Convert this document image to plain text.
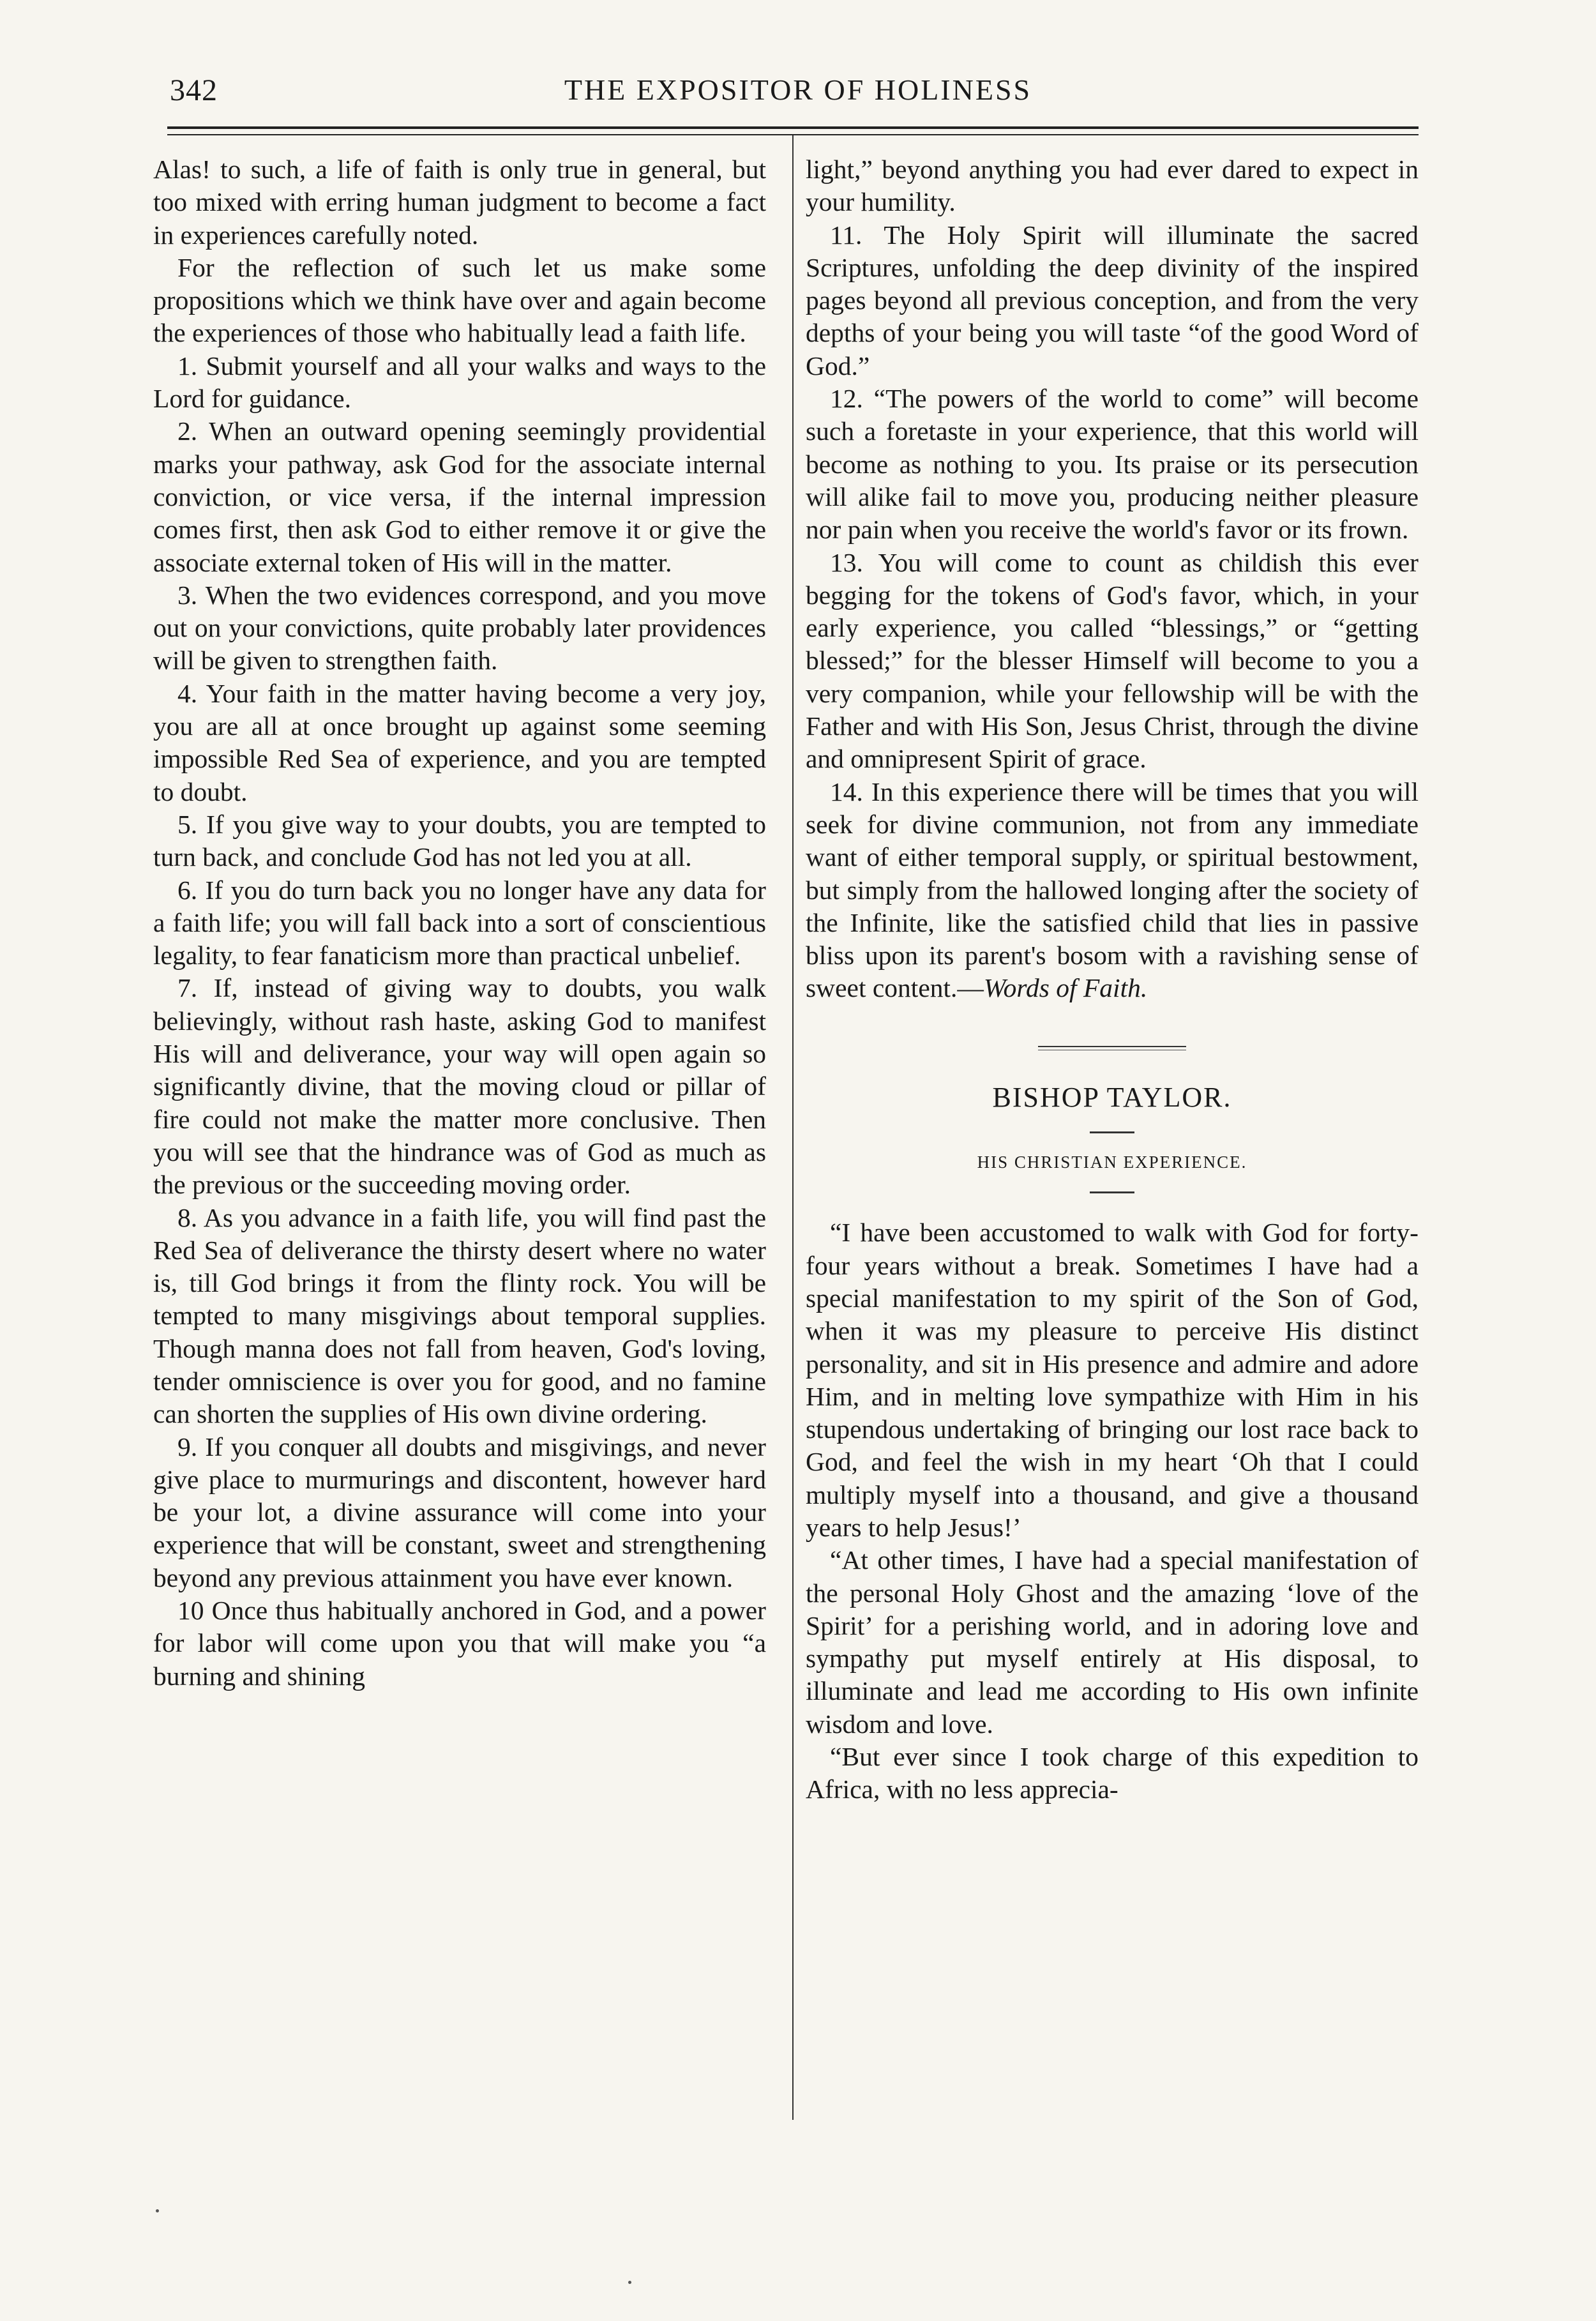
342	THE EXPOSITOR OF HOLINESS

Alas! to such, a life of faith is only true in general, but too mixed with erring human judgment to become a fact in experiences carefully noted.

For the reflection of such let us make some propositions which we think have over and again become the experiences of those who habitually lead a faith life.

1. Submit yourself and all your walks and ways to the Lord for guidance.

2. When an outward opening seemingly providential marks your pathway, ask God for the associate internal conviction, or vice versa, if the internal impression comes first, then ask God to either remove it or give the associate external token of His will in the matter.

3. When the two evidences correspond, and you move out on your convictions, quite probably later providences will be given to strengthen faith.

4. Your faith in the matter having become a very joy, you are all at once brought up against some seeming impossible Red Sea of experience, and you are tempted to doubt.

5. If you give way to your doubts, you are tempted to turn back, and conclude God has not led you at all.

6. If you do turn back you no longer have any data for a faith life; you will fall back into a sort of conscientious legality, to fear fanaticism more than practical unbelief.

7. If, instead of giving way to doubts, you walk believingly, without rash haste, asking God to manifest His will and deliverance, your way will open again so significantly divine, that the moving cloud or pillar of fire could not make the matter more conclusive. Then you will see that the hindrance was of God as much as the previous or the succeeding moving order.

8. As you advance in a faith life, you will find past the Red Sea of deliverance the thirsty desert where no water is, till God brings it from the flinty rock. You will be tempted to many misgivings about temporal supplies. Though manna does not fall from heaven, God's loving, tender omniscience is over you for good, and no famine can shorten the supplies of His own divine ordering.

9. If you conquer all doubts and misgivings, and never give place to murmurings and discontent, however hard be your lot, a divine assurance will come into your experience that will be constant, sweet and strengthening beyond any previous attainment you have ever known.

10 Once thus habitually anchored in God, and a power for labor will come upon you that will make you “a burning and shining

light,” beyond anything you had ever dared to expect in your humility.

11. The Holy Spirit will illuminate the sacred Scriptures, unfolding the deep divinity of the inspired pages beyond all previous conception, and from the very depths of your being you will taste “of the good Word of God.”

12. “The powers of the world to come” will become such a foretaste in your experience, that this world will become as nothing to you. Its praise or its persecution will alike fail to move you, producing neither pleasure nor pain when you receive the world's favor or its frown.

13. You will come to count as childish this ever begging for the tokens of God's favor, which, in your early experience, you called “blessings,” or “getting blessed;” for the blesser Himself will become to you a very companion, while your fellowship will be with the Father and with His Son, Jesus Christ, through the divine and omnipresent Spirit of grace.

14. In this experience there will be times that you will seek for divine communion, not from any immediate want of either temporal supply, or spiritual bestowment, but simply from the hallowed longing after the society of the Infinite, like the satisfied child that lies in passive bliss upon its parent's bosom with a ravishing sense of sweet content.—Words of Faith.

BISHOP TAYLOR.
HIS CHRISTIAN EXPERIENCE.

“I have been accustomed to walk with God for forty-four years without a break. Sometimes I have had a special manifestation to my spirit of the Son of God, when it was my pleasure to perceive His distinct personality, and sit in His presence and admire and adore Him, and in melting love sympathize with Him in his stupendous undertaking of bringing our lost race back to God, and feel the wish in my heart ‘Oh that I could multiply myself into a thousand, and give a thousand years to help Jesus!’

“At other times, I have had a special manifestation of the personal Holy Ghost and the amazing ‘love of the Spirit’ for a perishing world, and in adoring love and sympathy put myself entirely at His disposal, to illuminate and lead me according to His own infinite wisdom and love.

“But ever since I took charge of this expedition to Africa, with no less apprecia-
